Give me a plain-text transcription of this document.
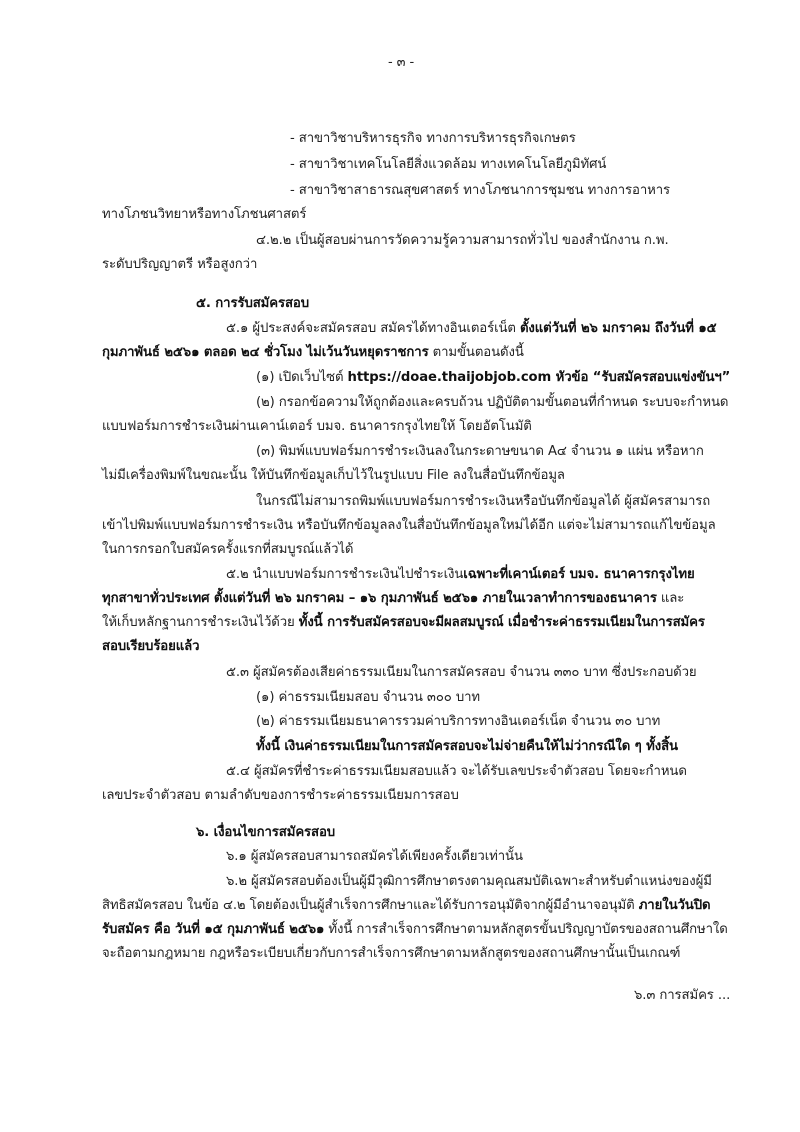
- ๓ -
- สาขาวิชาบริหารธุรกิจ ทางการบริหารธุรกิจเกษตร
- สาขาวิชาเทคโนโลยีสิ่งแวดล้อม ทางเทคโนโลยีภูมิทัศน์
- สาขาวิชาสาธารณสุขศาสตร์ ทางโภชนาการชุมชน ทางการอาหาร
ทางโภชนวิทยาหรือทางโภชนศาสตร์
๔.๒.๒ เป็นผู้สอบผ่านการวัดความรู้ความสามารถทั่วไป ของสำนักงาน ก.พ.
ระดับปริญญาตรี หรือสูงกว่า
๕. การรับสมัครสอบ
๕.๑ ผู้ประสงค์จะสมัครสอบ สมัครได้ทางอินเตอร์เน็ต ตั้งแต่วันที่ ๒๖ มกราคม ถึงวันที่ ๑๕
กุมภาพันธ์ ๒๕๖๑ ตลอด ๒๔ ชั่วโมง ไม่เว้นวันหยุดราชการ ตามขั้นตอนดังนี้
(๑) เปิดเว็บไซต์ https://doae.thaijobjob.com หัวข้อ “รับสมัครสอบแข่งขันฯ”
(๒) กรอกข้อความให้ถูกต้องและครบถ้วน ปฏิบัติตามขั้นตอนที่กำหนด ระบบจะกำหนด
แบบฟอร์มการชำระเงินผ่านเคาน์เตอร์ บมจ. ธนาคารกรุงไทยให้ โดยอัตโนมัติ
(๓) พิมพ์แบบฟอร์มการชำระเงินลงในกระดาษขนาด A๔ จำนวน ๑ แผ่น หรือหาก
ไม่มีเครื่องพิมพ์ในขณะนั้น ให้บันทึกข้อมูลเก็บไว้ในรูปแบบ File ลงในสื่อบันทึกข้อมูล
ในกรณีไม่สามารถพิมพ์แบบฟอร์มการชำระเงินหรือบันทึกข้อมูลได้ ผู้สมัครสามารถ
เข้าไปพิมพ์แบบฟอร์มการชำระเงิน หรือบันทึกข้อมูลลงในสื่อบันทึกข้อมูลใหม่ได้อีก แต่จะไม่สามารถแก้ไขข้อมูล
ในการกรอกใบสมัครครั้งแรกที่สมบูรณ์แล้วได้
๕.๒ นำแบบฟอร์มการชำระเงินไปชำระเงินเฉพาะที่เคาน์เตอร์ บมจ. ธนาคารกรุงไทย
ทุกสาขาทั่วประเทศ ตั้งแต่วันที่ ๒๖ มกราคม – ๑๖ กุมภาพันธ์ ๒๕๖๑ ภายในเวลาทำการของธนาคาร และ
ให้เก็บหลักฐานการชำระเงินไว้ด้วย ทั้งนี้ การรับสมัครสอบจะมีผลสมบูรณ์ เมื่อชำระค่าธรรมเนียมในการสมัคร
สอบเรียบร้อยแล้ว
๕.๓ ผู้สมัครต้องเสียค่าธรรมเนียมในการสมัครสอบ จำนวน ๓๓๐ บาท ซึ่งประกอบด้วย
(๑) ค่าธรรมเนียมสอบ จำนวน ๓๐๐ บาท
(๒) ค่าธรรมเนียมธนาคารรวมค่าบริการทางอินเตอร์เน็ต จำนวน ๓๐ บาท
ทั้งนี้ เงินค่าธรรมเนียมในการสมัครสอบจะไม่จ่ายคืนให้ไม่ว่ากรณีใด ๆ ทั้งสิ้น
๕.๔ ผู้สมัครที่ชำระค่าธรรมเนียมสอบแล้ว จะได้รับเลขประจำตัวสอบ โดยจะกำหนด
เลขประจำตัวสอบ ตามลำดับของการชำระค่าธรรมเนียมการสอบ
๖. เงื่อนไขการสมัครสอบ
๖.๑ ผู้สมัครสอบสามารถสมัครได้เพียงครั้งเดียวเท่านั้น
๖.๒ ผู้สมัครสอบต้องเป็นผู้มีวุฒิการศึกษาตรงตามคุณสมบัติเฉพาะสำหรับตำแหน่งของผู้มี
สิทธิสมัครสอบ ในข้อ ๔.๒ โดยต้องเป็นผู้สำเร็จการศึกษาและได้รับการอนุมัติจากผู้มีอำนาจอนุมัติ ภายในวันปิด
รับสมัคร คือ วันที่ ๑๕ กุมภาพันธ์ ๒๕๖๑ ทั้งนี้ การสำเร็จการศึกษาตามหลักสูตรขั้นปริญญาบัตรของสถานศึกษาใด
จะถือตามกฎหมาย กฎหรือระเบียบเกี่ยวกับการสำเร็จการศึกษาตามหลักสูตรของสถานศึกษานั้นเป็นเกณฑ์
๖.๓ การสมัคร ...
